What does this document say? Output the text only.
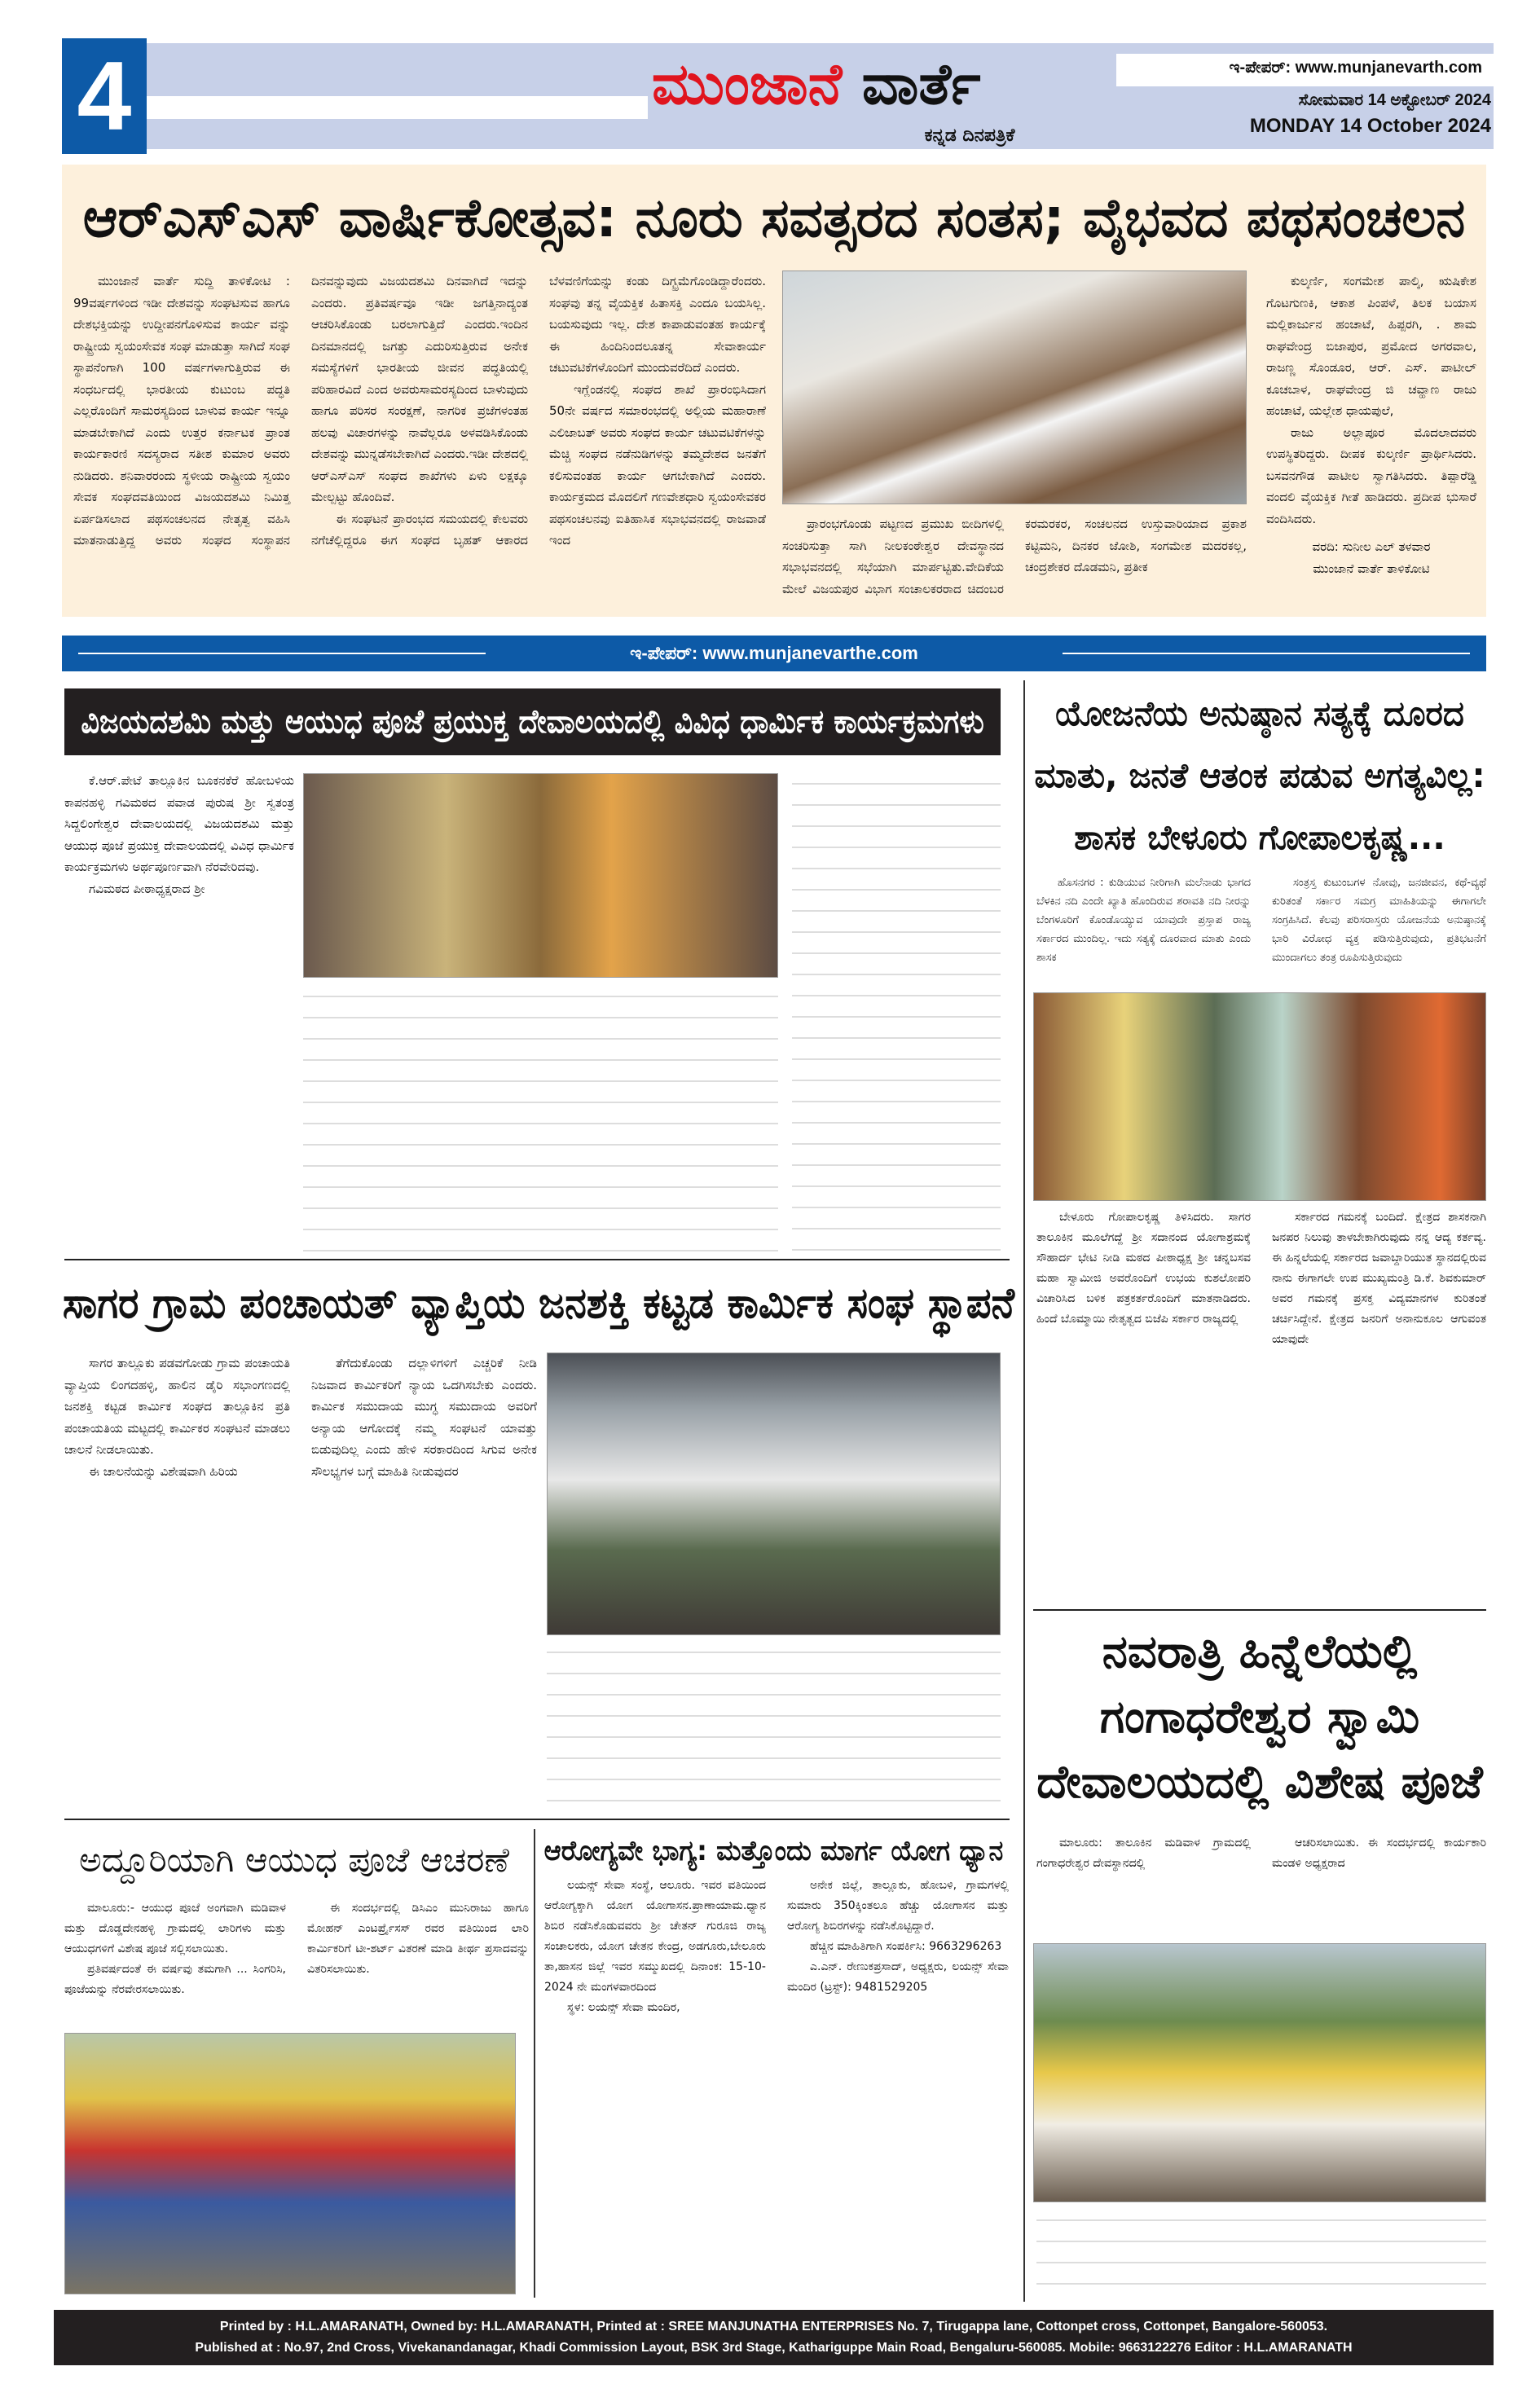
4	ಮುಂಜಾನೆ ವಾರ್ತೆ
ಕನ್ನಡ ದಿನಪತ್ರಿಕೆ
ಇ-ಪೇಪರ್: www.munjanevarth.com
ಸೋಮವಾರ 14 ಅಕ್ಟೋಬರ್ 2024
MONDAY 14 October 2024
ಆರ್‌ಎಸ್‌ಎಸ್ ವಾರ್ಷಿಕೋತ್ಸವ: ನೂರು ಸವತ್ಸರದ ಸಂತಸ; ವೈಭವದ ಪಥಸಂಚಲನ

ಮುಂಜಾನೆ ವಾರ್ತೆ ಸುದ್ದಿ ತಾಳಿಕೋಟಿ : 99ವರ್ಷಗಳಿಂದ ಇಡೀ ದೇಶವನ್ನು ಸಂಘಟಿಸುವ ಹಾಗೂ ದೇಶಭಕ್ತಿಯನ್ನು ಉದ್ದೀಪನಗೊಳಿಸುವ ಕಾರ್ಯ ವನ್ನು ರಾಷ್ಟ್ರೀಯ ಸ್ವಯಂಸೇವಕ ಸಂಘ ಮಾಡುತ್ತಾ ಸಾಗಿದೆ ಸಂಘ ಸ್ಥಾಪನೆಂಗಾಗಿ 100 ವರ್ಷಗಳಾಗುತ್ತಿರುವ ಈ ಸಂಧರ್ಬದಲ್ಲಿ ಭಾರತೀಯ ಕುಟುಂಬ ಪದ್ಧತಿ ಎಲ್ಲರೊಂದಿಗೆ ಸಾಮರಸ್ಯದಿಂದ ಬಾಳುವ ಕಾರ್ಯ ಇನ್ನೂ ಮಾಡಬೇಕಾಗಿದೆ ಎಂದು ಉತ್ತರ ಕರ್ನಾಟಕ ಪ್ರಾಂತ ಕಾರ್ಯಕಾರಣಿ ಸದಸ್ಯರಾದ ಸತೀಶ ಕುಮಾರ ಅವರು ನುಡಿದರು. ಶನಿವಾರರಂದು ಸ್ಥಳೀಯ ರಾಷ್ಟ್ರೀಯ ಸ್ವಯಂ ಸೇವಕ ಸಂಘದವತಿಯಿಂದ ವಿಜಯದಶಮಿ ನಿಮಿತ್ತ ಏರ್ಪಡಿಸಲಾದ ಪಥಸಂಚಲನದ ನೇತೃತ್ವ ವಹಿಸಿ ಮಾತನಾಡುತ್ತಿದ್ದ ಅವರು ಸಂಘದ ಸಂಸ್ಥಾಪನ ದಿನವನ್ನುವುದು ವಿಜಯದಶಮಿ ದಿನವಾಗಿದೆ ಇದನ್ನು ಎಂದರು. ಪ್ರತಿವರ್ಷವೂ ಇಡೀ ಜಗತ್ತಿನಾದ್ಯಂತ ಆಚರಿಸಿಕೊಂಡು ಬರಲಾಗುತ್ತಿದೆ ಎಂದರು.ಇಂದಿನ ದಿನಮಾನದಲ್ಲಿ ಜಗತ್ತು ಎದುರಿಸುತ್ತಿರುವ ಅನೇಕ ಸಮಸ್ಯೆಗಳಿಗೆ ಭಾರತೀಯ ಜೀವನ ಪದ್ಧತಿಯಲ್ಲಿ ಪರಿಹಾರವಿದೆ ಎಂದ ಅವರುಸಾಮರಸ್ಯದಿಂದ ಬಾಳುವುದು ಹಾಗೂ ಪರಿಸರ ಸಂರಕ್ಷಣೆ, ನಾಗರಿಕ ಪ್ರಜೆಗಳಂತಹ ಹಲವು ವಿಚಾರಗಳನ್ನು ನಾವೆಲ್ಲರೂ ಅಳವಡಿಸಿಕೊಂಡು ದೇಶವನ್ನು ಮುನ್ನಡೆಸಬೇಕಾಗಿದೆ ಎಂದರು.ಇಡೀ ದೇಶದಲ್ಲಿ ಆರ್‌ಎಸ್‌ಎಸ್ ಸಂಘದ ಶಾಖೆಗಳು ಏಳು ಲಕ್ಷಕ್ಕೂ ಮೇಲ್ಪಟ್ಟು ಹೊಂದಿವೆ.

ಈ ಸಂಘಟನೆ ಪ್ರಾರಂಭದ ಸಮಯದಲ್ಲಿ ಕೇಲವರು ನಗೆಚೆಲ್ಲಿದ್ದರೂ ಈಗ ಸಂಘದ ಬೃಹತ್ ಆಕಾರದ ಬೆಳವಣಿಗೆಯನ್ನು ಕಂಡು ದಿಗ್ಭ್ರಮೆಗೊಂಡಿದ್ದಾರೆಂದರು. ಸಂಘವು ತನ್ನ ವೈಯಕ್ತಿಕ ಹಿತಾಸಕ್ತಿ ಎಂದೂ ಬಯಸಿಲ್ಲ. ಬಯಸುವುದು ಇಲ್ಲ. ದೇಶ ಕಾಪಾಡುವಂತಹ ಕಾರ್ಯಕ್ಕೆ ಈ ಹಿಂದಿನಿಂದಲೂತನ್ನ ಸೇವಾಕಾರ್ಯ ಚಟುವಟಿಕೆಗಳೊಂದಿಗೆ ಮುಂದುವರೆದಿದೆ ಎಂದರು.

ಇಗ್ಲೆಂಡನಲ್ಲಿ ಸಂಘದ ಶಾಖೆ ಪ್ರಾರಂಭಿಸಿದಾಗ 50ನೇ ವರ್ಷದ ಸಮಾರಂಭದಲ್ಲಿ ಅಲ್ಲಿಯ ಮಹಾರಾಣೆ ಎಲಿಜಾಬತ್ ಅವರು ಸಂಘದ ಕಾರ್ಯ ಚಟುವಟಿಕೆಗಳನ್ನು ಮೆಚ್ಚಿ ಸಂಘದ ನಡೆನುಡಿಗಳನ್ನು ತಮ್ಮದೇಶದ ಜನತೆಗೆ ಕಲಿಸುವಂತಹ ಕಾರ್ಯ ಆಗಬೇಕಾಗಿದೆ ಎಂದರು. ಕಾರ್ಯಕ್ರಮದ ಮೊದಲಿಗೆ ಗಣವೇಶಧಾರಿ ಸ್ವಯಂಸೇವಕರ ಪಥಸಂಚಲನವು ಐತಿಹಾಸಿಕ ಸಭಾಭವನದಲ್ಲಿ ರಾಜವಾಡೆ ಇಂದ

ಪ್ರಾರಂಭಗೊಂಡು ಪಟ್ಟಣದ ಪ್ರಮುಖ ಬೀದಿಗಳಲ್ಲಿ ಸಂಚರಿಸುತ್ತಾ ಸಾಗಿ ನೀಲಕಂಠೇಶ್ವರ ದೇವಸ್ಥಾನದ ಸಭಾಭವನದಲ್ಲಿ ಸಭೆಯಾಗಿ ಮಾರ್ಪಟ್ಟಿತು.ವೇದಿಕೆಯ ಮೇಲೆ ವಿಜಯಪುರ ವಿಭಾಗ ಸಂಚಾಲಕರರಾದ ಚಿದಂಬರ ಕರಮರಕರ, ಸಂಚಲನದ ಉಸ್ತುವಾರಿಯಾದ ಪ್ರಕಾಶ ಕಟ್ಟಿಮನಿ, ದಿನಕರ ಜೋಶಿ, ಸಂಗಮೇಶ ಮದರಕಲ್ಲ, ಚಂದ್ರಶೇಕರ ದೊಡಮನಿ, ಪ್ರತೀಕ

ಕುಲ್ಕರ್ಣಿ, ಸಂಗಮೇಶ ಪಾಲ್ಕಿ, ಋಷಿಕೇಶ ಗೊಟಗುಣಕಿ, ಆಕಾಶ ಪಿಂಪಳೆ, ತಿಲಕ ಬಯಾಸ ಮಲ್ಲಿಕಾರ್ಜುನ ಹಂಚಾಟೆ, ಹಿಪ್ಪರಗಿ, . ಶಾಮ ರಾಘವೇಂದ್ರ ಬಿಜಾಪುರ, ಪ್ರಮೋದ ಅಗರವಾಲ, ರಾಜಣ್ಣ ಸೊಂಡೂರ, ಆರ್. ಎಸ್. ಪಾಟೀಲ್ ಕೂಚಬಾಳ, ರಾಘವೇಂದ್ರ ಜಿ ಚವ್ಹಾಣ ರಾಜು ಹಂಚಾಟೆ, ಯಲ್ಲೇಶ ಧಾಯಪುಲೆ,

ರಾಜು ಅಲ್ಲಾಪೂರ ಮೊದಲಾದವರು ಉಪಸ್ಥಿತರಿದ್ದರು. ದೀಪಕ ಕುಲ್ಕರ್ಣಿ ಪ್ರಾರ್ಥಿಸಿದರು. ಬಸವನಗೌಡ ಪಾಟೀಲ ಸ್ವಾಗತಿಸಿದರು. ತಿಪ್ಪಾರೆಡ್ಡಿ ವಂದಲಿ ವೈಯಕ್ತಿಕ ಗೀತೆ ಹಾಡಿದರು. ಪ್ರದೀಪ ಭುಸಾರೆ ವಂದಿಸಿದರು.

ವರದಿ: ಸುನೀಲ ಎಲ್ ತಳವಾರ
ಮುಂಜಾನೆ ವಾರ್ತೆ ತಾಳಿಕೋಟಿ
ಇ-ಪೇಪರ್: www.munjanevarthe.com
ವಿಜಯದಶಮಿ ಮತ್ತು ಆಯುಧ ಪೂಜೆ ಪ್ರಯುಕ್ತ ದೇವಾಲಯದಲ್ಲಿ ವಿವಿಧ ಧಾರ್ಮಿಕ ಕಾರ್ಯಕ್ರಮಗಳು

ಕೆ.ಆರ್.ಪೇಟೆ ತಾಲ್ಲೂಕಿನ ಬೂಕನಕೆರೆ ಹೋಬಳಿಯ ಕಾಪನಹಳ್ಳಿ ಗವಿಮಠದ ಪವಾಡ ಪುರುಷ ಶ್ರೀ ಸ್ವತಂತ್ರ ಸಿದ್ದಲಿಂಗೇಶ್ವರ ದೇವಾಲಯದಲ್ಲಿ ವಿಜಯದಶಮಿ ಮತ್ತು ಆಯುಧ ಪೂಜೆ ಪ್ರಯುಕ್ತ ದೇವಾಲಯದಲ್ಲಿ ವಿವಿಧ ಧಾರ್ಮಿಕ ಕಾರ್ಯಕ್ರಮಗಳು ಅರ್ಥಪೂರ್ಣವಾಗಿ ನೆರವೇರಿದವು.

ಗವಿಮಠದ ಪೀಠಾಧ್ಯಕ್ಷರಾದ ಶ್ರೀ

ಸಾಗರ ಗ್ರಾಮ ಪಂಚಾಯತ್ ವ್ಯಾಪ್ತಿಯ ಜನಶಕ್ತಿ ಕಟ್ಟಡ ಕಾರ್ಮಿಕ ಸಂಘ ಸ್ಥಾಪನೆ

ಸಾಗರ ತಾಲ್ಲೂಕು ಪಡವಗೋಡು ಗ್ರಾಮ ಪಂಚಾಯತಿ ವ್ಯಾಪ್ತಿಯ ಲಿಂಗದಹಳ್ಳಿ, ಹಾಲಿನ ಡೈರಿ ಸಭಾಂಗಣದಲ್ಲಿ ಜನಶಕ್ತಿ ಕಟ್ಟಡ ಕಾರ್ಮಿಕ ಸಂಘದ ತಾಲ್ಲೂಕಿನ ಪ್ರತಿ ಪಂಚಾಯತಿಯ ಮಟ್ಟದಲ್ಲಿ ಕಾರ್ಮಿಕರ ಸಂಘಟನೆ ಮಾಡಲು ಚಾಲನೆ ನೀಡಲಾಯಿತು.

ಈ ಚಾಲನೆಯನ್ನು ವಿಶೇಷವಾಗಿ ಹಿರಿಯ

ತೆಗೆದುಕೊಂಡು ದಲ್ಲಾಳಿಗಳಿಗೆ ಎಚ್ಚರಿಕೆ ನೀಡಿ ನಿಜವಾದ ಕಾರ್ಮಿಕರಿಗೆ ನ್ಯಾಯ ಒದಗಿಸಬೇಕು ಎಂದರು. ಕಾರ್ಮಿಕ ಸಮುದಾಯ ಮುಗ್ಧ ಸಮುದಾಯ ಅವರಿಗೆ ಅನ್ಯಾಯ ಆಗೋದಕ್ಕೆ ನಮ್ಮ ಸಂಘಟನೆ ಯಾವತ್ತು ಬಿಡುವುದಿಲ್ಲ ಎಂದು ಹೇಳಿ ಸರಕಾರದಿಂದ ಸಿಗುವ ಅನೇಕ ಸೌಲಭ್ಯಗಳ ಬಗ್ಗೆ ಮಾಹಿತಿ ನೀಡುವುದರ

ಅದ್ದೂರಿಯಾಗಿ ಆಯುಧ ಪೂಜೆ ಆಚರಣೆ

ಮಾಲೂರು:- ಆಯುಧ ಪೂಜೆ ಅಂಗವಾಗಿ ಮಡಿವಾಳ ಮತ್ತು ದೊಡ್ಡದೇನಹಳ್ಳಿ ಗ್ರಾಮದಲ್ಲಿ ಲಾರಿಗಳು ಮತ್ತು ಆಯುಧಗಳಿಗೆ ವಿಶೇಷ ಪೂಜೆ ಸಲ್ಲಿಸಲಾಯಿತು.

ಪ್ರತಿವರ್ಷದಂತೆ ಈ ವರ್ಷವು ತಮಗಾಗಿ ... ಸಿಂಗರಿಸಿ, ಪೂಜೆಯನ್ನು ನೆರವೇರಸಲಾಯಿತು.

ಈ ಸಂದರ್ಭದಲ್ಲಿ ಡಿಸಿಎಂ ಮುನಿರಾಜು ಹಾಗೂ ಮೋಹನ್ ಎಂಟರ್ಪ್ರೈಸಸ್ ರವರ ವತಿಯಿಂದ ಲಾರಿ ಕಾರ್ಮಿಕರಿಗೆ ಟೀ-ಶರ್ಟ್ ವಿತರಣೆ ಮಾಡಿ ತೀರ್ಥ ಪ್ರಸಾದವನ್ನು ವಿತರಿಸಲಾಯಿತು.

ಆರೋಗ್ಯವೇ ಭಾಗ್ಯ: ಮತ್ತೊಂದು ಮಾರ್ಗ ಯೋಗ ಧ್ಯಾನ

ಲಯನ್ಸ್ ಸೇವಾ ಸಂಸ್ಥೆ, ಆಲೂರು. ಇವರ ವತಿಯಿಂದ ಆರೋಗ್ಯಕ್ಕಾಗಿ ಯೋಗ ಯೋಗಾಸನ.ಪ್ರಾಣಾಯಾಮ.ಧ್ಯಾನ ಶಿಬಿರ ನಡೆಸಿಕೊಡುವವರು ಶ್ರೀ ಚೇತನ್ ಗುರೂಜಿ ರಾಜ್ಯ ಸಂಚಾಲಕರು, ಯೋಗ ಚೇತನ ಕೇಂದ್ರ, ಅಡಗೂರು,ಬೇಲೂರು ತಾ,ಹಾಸನ ಜಿಲ್ಲೆ ಇವರ ಸಮ್ಮುಖದಲ್ಲಿ ದಿನಾಂಕ: 15-10-2024 ನೇ ಮಂಗಳವಾರದಿಂದ

ಸ್ಥಳ: ಲಯನ್ಸ್ ಸೇವಾ ಮಂದಿರ,

ಅನೇಕ ಜಿಲ್ಲೆ, ತಾಲ್ಲೂಕು, ಹೋಬಳಿ, ಗ್ರಾಮಗಳಲ್ಲಿ ಸುಮಾರು 350ಕ್ಕಿಂತಲೂ ಹೆಚ್ಚು ಯೋಗಾಸನ ಮತ್ತು ಆರೋಗ್ಯ ಶಿಬಿರಗಳನ್ನು ನಡೆಸಿಕೊಟ್ಟಿದ್ದಾರೆ.

ಹೆಚ್ಚಿನ ಮಾಹಿತಿಗಾಗಿ ಸಂಪರ್ಕಿಸಿ: 9663296263

ಎ.ಎನ್. ರೇಣುಕಪ್ರಸಾದ್, ಅಧ್ಯಕ್ಷರು, ಲಯನ್ಸ್ ಸೇವಾ ಮಂದಿರ (ಟ್ರಸ್ಟ್): 9481529205

ಯೋಜನೆಯ ಅನುಷ್ಠಾನ ಸತ್ಯಕ್ಕೆ ದೂರದ ಮಾತು, ಜನತೆ ಆತಂಕ ಪಡುವ ಅಗತ್ಯವಿಲ್ಲ: ಶಾಸಕ ಬೇಳೂರು ಗೋಪಾಲಕೃಷ್ಣ...

ಹೊಸನಗರ : ಕುಡಿಯುವ ನೀರಿಗಾಗಿ ಮಲೆನಾಡು ಭಾಗದ ಬೆಳಕಿನ ನದಿ ಎಂದೇ ಖ್ಯಾತಿ ಹೊಂದಿರುವ ಶರಾವತಿ ನದಿ ನೀರನ್ನು ಬೆಂಗಳೂರಿಗೆ ಕೊಂಡೊಯ್ಯುವ ಯಾವುದೇ ಪ್ರಸ್ತಾಪ ರಾಜ್ಯ ಸರ್ಕಾರದ ಮುಂದಿಲ್ಲ. ಇದು ಸತ್ಯಕ್ಕೆ ದೂರವಾದ ಮಾತು ಎಂದು ಶಾಸಕ

ಸಂತ್ರಸ್ತ ಕುಟುಂಬಗಳ ನೋವು, ಜನಜೀವನ, ಕಥೆ-ವ್ಯಥೆ ಕುರಿತಂತೆ ಸರ್ಕಾರ ಸಮಗ್ರ ಮಾಹಿತಿಯನ್ನು ಈಗಾಗಲೇ ಸಂಗ್ರಹಿಸಿದೆ. ಕೆಲವು ಪರಿಸರಾಸ್ತರು ಯೋಜನೆಯ ಅನುಷ್ಠಾನಕ್ಕೆ ಭಾರಿ ವಿರೋಧ ವ್ಯಕ್ತ ಪಡಿಸುತ್ತಿರುವುದು, ಪ್ರತಿಭಟನೆಗೆ ಮುಂದಾಗಲು ತಂತ್ರ ರೂಪಿಸುತ್ತಿರುವುದು

ಬೇಳೂರು ಗೋಪಾಲಕೃಷ್ಣ ತಿಳಿಸಿದರು. ಸಾಗರ ತಾಲೂಕಿನ ಮೂಲೆಗದ್ದೆ ಶ್ರೀ ಸದಾನಂದ ಯೋಗಾಶ್ರಮಕ್ಕೆ ಸೌಹಾರ್ದ ಭೇಟಿ ನೀಡಿ ಮಠದ ಪೀಠಾಧ್ಯಕ್ಷ ಶ್ರೀ ಚನ್ನಬಸವ ಮಹಾ ಸ್ವಾಮೀಜಿ ಅವರೊಂದಿಗೆ ಉಭಯ ಕುಶಲೋಪರಿ ವಿಚಾರಿಸಿದ ಬಳಿಕ ಪತ್ರಕರ್ತರೊಂದಿಗೆ ಮಾತನಾಡಿದರು. ಹಿಂದೆ ಬೊಮ್ಮಾಯಿ ನೇತೃತ್ವದ ಬಿಜೆಪಿ ಸರ್ಕಾರ ರಾಜ್ಯದಲ್ಲಿ

ಸರ್ಕಾರದ ಗಮನಕ್ಕೆ ಬಂದಿದೆ. ಕ್ಷೇತ್ರದ ಶಾಸಕನಾಗಿ ಜನಪರ ನಿಲುವು ತಾಳಬೇಕಾಗಿರುವುದು ನನ್ನ ಆದ್ಯ ಕರ್ತವ್ಯ. ಈ ಹಿನ್ನಲೆಯಲ್ಲಿ ಸರ್ಕಾರದ ಜವಾಬ್ದಾರಿಯುತ ಸ್ಥಾನದಲ್ಲಿರುವ ನಾನು ಈಗಾಗಲೇ ಉಪ ಮುಖ್ಯಮಂತ್ರಿ ಡಿ.ಕೆ. ಶಿವಕುಮಾರ್ ಅವರ ಗಮನಕ್ಕೆ ಪ್ರಸಕ್ತ ವಿದ್ಯಮಾನಗಳ ಕುರಿತಂತೆ ಚರ್ಚಿಸಿದ್ದೇನೆ. ಕ್ಷೇತ್ರದ ಜನರಿಗೆ ಅನಾನುಕೂಲ ಆಗುವಂತ ಯಾವುದೇ

ನವರಾತ್ರಿ ಹಿನ್ನೆಲೆಯಲ್ಲಿ ಗಂಗಾಧರೇಶ್ವರ ಸ್ವಾಮಿ ದೇವಾಲಯದಲ್ಲಿ ವಿಶೇಷ ಪೂಜೆ

ಮಾಲೂರು: ತಾಲೂಕಿನ ಮಡಿವಾಳ ಗ್ರಾಮದಲ್ಲಿ ಗಂಗಾಧರೇಶ್ವರ ದೇವಸ್ಥಾನದಲ್ಲಿ

ಆಚರಿಸಲಾಯಿತು. ಈ ಸಂದರ್ಭದಲ್ಲಿ ಕಾರ್ಯಕಾರಿ ಮಂಡಳಿ ಅಧ್ಯಕ್ಷರಾದ

Printed by : H.L.AMARANATH, Owned by: H.L.AMARANATH, Printed at : SREE MANJUNATHA ENTERPRISES No. 7, Tirugappa lane, Cottonpet cross, Cottonpet, Bangalore-560053.
Published at : No.97, 2nd Cross, Vivekanandanagar, Khadi Commission Layout, BSK 3rd Stage, Kathariguppe Main Road, Bengaluru-560085. Mobile: 9663122276 Editor : H.L.AMARANATH
